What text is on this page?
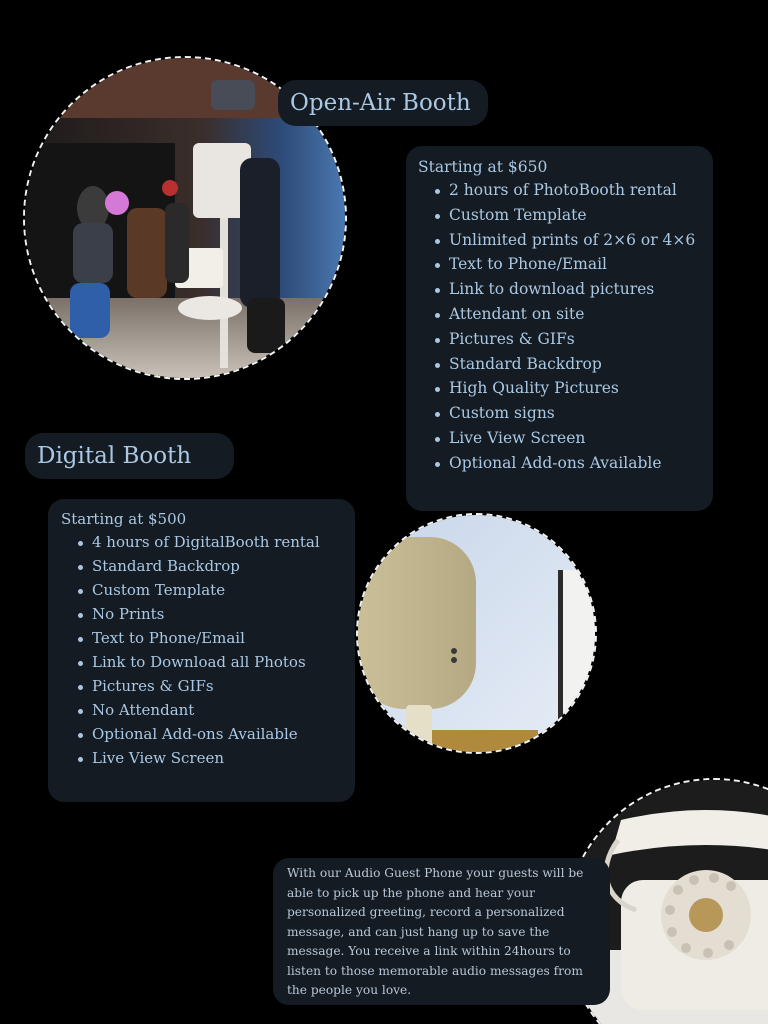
Open-Air Booth
Starting at $650
2 hours of PhotoBooth rental
Custom Template
Unlimited prints of 2×6 or 4×6
Text to Phone/Email
Link to download pictures
Attendant on site
Pictures & GIFs
Standard Backdrop
High Quality Pictures
Custom signs
Live View Screen
Optional Add-ons Available
Digital Booth
Starting at $500
4 hours of DigitalBooth rental
Standard Backdrop
Custom Template
No Prints
Text to Phone/Email
Link to Download all Photos
Pictures & GIFs
No Attendant
Optional Add-ons Available
Live View Screen

With our Audio Guest Phone your guests will be able to pick up the phone and hear your personalized greeting, record a personalized message, and can just hang up to save the message. You receive a link within 24hours to listen to those memorable audio messages from the people you love.
